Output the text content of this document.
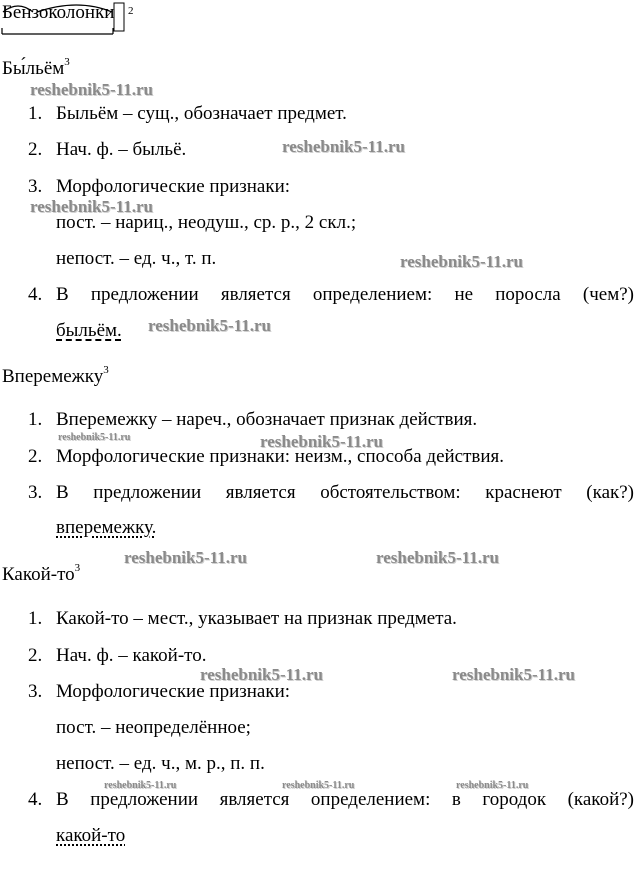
Бензоколонки 2
Бы́льём$^3$
1. Быльём – сущ., обозначает предмет.
2. Нач. ф. – быльё.
3. Морфологические признаки:
пост. – нариц., неодуш., ср. р., 2 скл.;
непост. – ед. ч., т. п.
4. В предложении является определением: не поросла (чем?)
быльём.
Вперемежку$^3$
1. Вперемежку – нареч., обозначает признак действия.
2. Морфологические признаки: неизм., способа действия.
3. В предложении является обстоятельством: краснеют (как?)
вперемежку.
Какой-$то^3$
1. Какой-то – мест., указывает на признак предмета.
2. Нач. ф. – какой-то.
3. Морфологические признаки:
пост. – неопределённое;
непост. – ед. ч., м. р., п. п.
4. В предложении является определением: в городок (какой?)
какой-то
reshebnik5-11.ru
reshebnik5-11.ru
reshebnik5-11.ru
reshebnik5-11.ru
reshebnik5-11.ru
reshebnik5-11.ru	reshebnik5-11.ru
reshebnik5-11.ru	reshebnik5-11.ru
reshebnik5-11.ru	reshebnik5-11.ru
reshebnik5-11.ru	reshebnik5-11.ru	reshebnik5-11.ru
